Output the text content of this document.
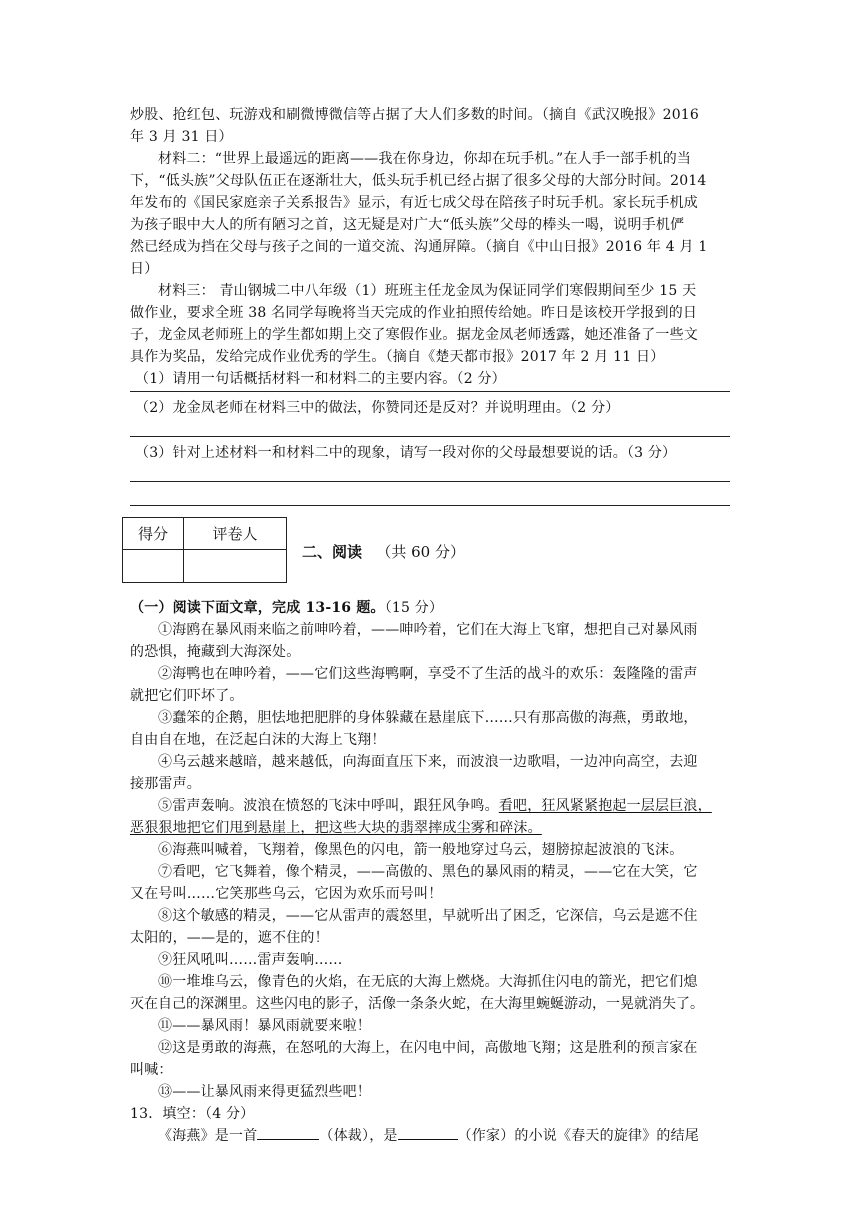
炒股、抢红包、玩游戏和刷微博微信等占据了大人们多数的时间。（摘自《武汉晚报》2016
年 3 月 31 日）
材料二：“世界上最遥远的距离——我在你身边，你却在玩手机。”在人手一部手机的当
下，“低头族”父母队伍正在逐渐壮大，低头玩手机已经占据了很多父母的大部分时间。2014
年发布的《国民家庭亲子关系报告》显示，有近七成父母在陪孩子时玩手机。家长玩手机成
为孩子眼中大人的所有陋习之首，这无疑是对广大“低头族”父母的棒头一喝，说明手机俨
然已经成为挡在父母与孩子之间的一道交流、沟通屏障。（摘自《中山日报》2016 年 4 月 1
日）
材料三： 青山钢城二中八年级（1）班班主任龙金凤为保证同学们寒假期间至少 15 天
做作业，要求全班 38 名同学每晚将当天完成的作业拍照传给她。昨日是该校开学报到的日
子，龙金凤老师班上的学生都如期上交了寒假作业。据龙金凤老师透露，她还准备了一些文
具作为奖品，发给完成作业优秀的学生。（摘自《楚天都市报》2017 年 2 月 11 日）
（1）请用一句话概括材料一和材料二的主要内容。（2 分）
（2）龙金凤老师在材料三中的做法，你赞同还是反对？并说明理由。（2 分）
（3）针对上述材料一和材料二中的现象，请写一段对你的父母最想要说的话。（3 分）
得分	评卷人

二、阅读 （共 60 分）
（一）阅读下面文章，完成 13-16 题。（15 分）
①海鸥在暴风雨来临之前呻吟着，——呻吟着，它们在大海上飞窜，想把自己对暴风雨
的恐惧，掩藏到大海深处。
②海鸭也在呻吟着，——它们这些海鸭啊，享受不了生活的战斗的欢乐：轰隆隆的雷声
就把它们吓坏了。
③蠢笨的企鹅，胆怯地把肥胖的身体躲藏在悬崖底下……只有那高傲的海燕，勇敢地，
自由自在地，在泛起白沫的大海上飞翔！
④乌云越来越暗，越来越低，向海面直压下来，而波浪一边歌唱，一边冲向高空，去迎
接那雷声。
⑤雷声轰响。波浪在愤怒的飞沫中呼叫，跟狂风争鸣。看吧，狂风紧紧抱起一层层巨浪，
恶狠狠地把它们甩到悬崖上，把这些大块的翡翠摔成尘雾和碎沫。
⑥海燕叫喊着，飞翔着，像黑色的闪电，箭一般地穿过乌云，翅膀掠起波浪的飞沫。
⑦看吧，它飞舞着，像个精灵，——高傲的、黑色的暴风雨的精灵，——它在大笑，它
又在号叫……它笑那些乌云，它因为欢乐而号叫！
⑧这个敏感的精灵，——它从雷声的震怒里，早就听出了困乏，它深信，乌云是遮不住
太阳的，——是的，遮不住的！
⑨狂风吼叫……雷声轰响……
⑩一堆堆乌云，像青色的火焰，在无底的大海上燃烧。大海抓住闪电的箭光，把它们熄
灭在自己的深渊里。这些闪电的影子，活像一条条火蛇，在大海里蜿蜒游动，一晃就消失了。
⑪——暴风雨！暴风雨就要来啦！
⑫这是勇敢的海燕，在怒吼的大海上，在闪电中间，高傲地飞翔；这是胜利的预言家在
叫喊：
⑬——让暴风雨来得更猛烈些吧！
13．填空：（4 分）
《海燕》是一首	（体裁），是	（作家）的小说《春天的旋律》的结尾
